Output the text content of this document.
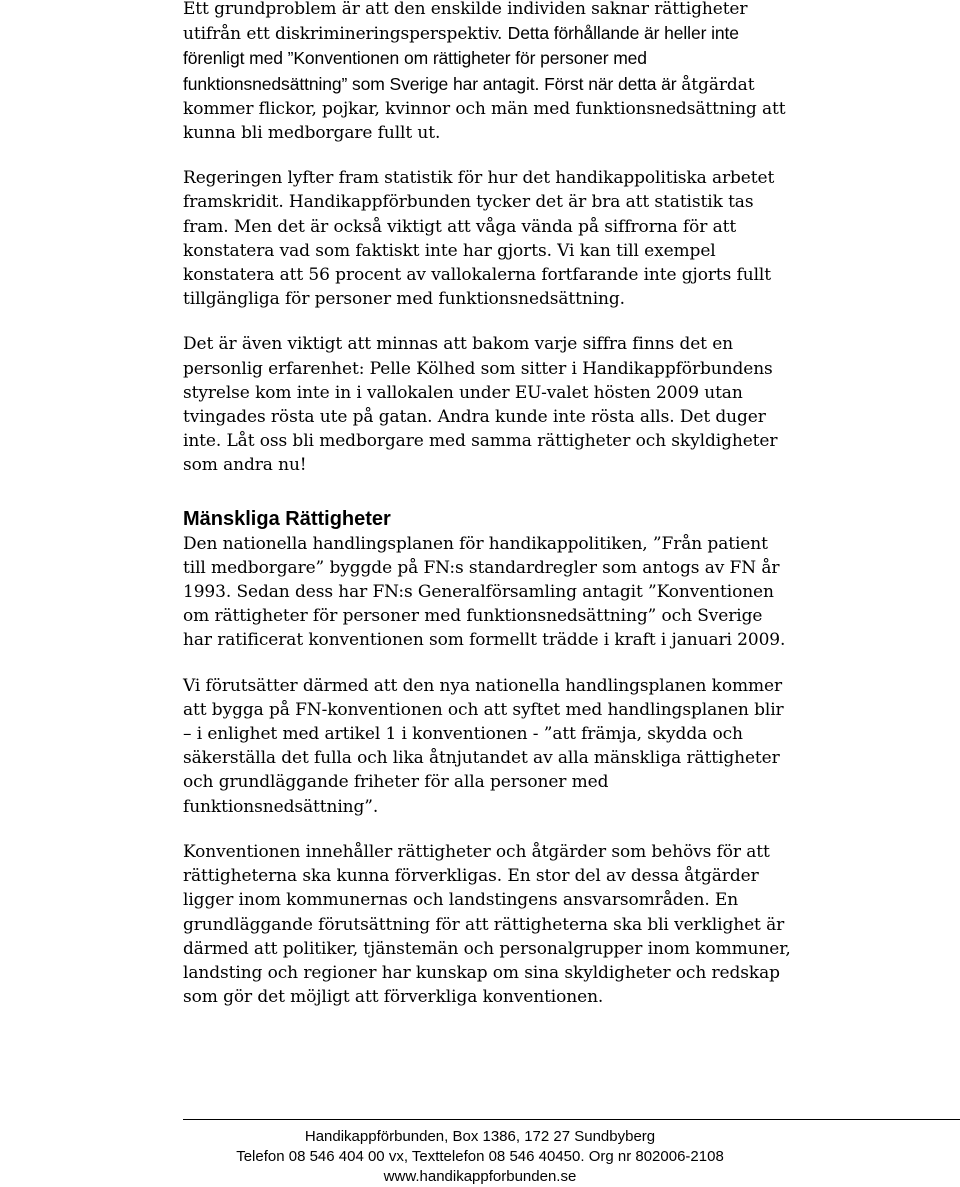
Ett grundproblem är att den enskilde individen saknar rättigheter utifrån ett diskrimineringsperspektiv. Detta förhållande är heller inte förenligt med ”Konventionen om rättigheter för personer med funktionsnedsättning” som Sverige har antagit. Först när detta är åtgärdat kommer flickor, pojkar, kvinnor och män med funktionsnedsättning att kunna bli medborgare fullt ut.

Regeringen lyfter fram statistik för hur det handikappolitiska arbetet framskridit. Handikappförbunden tycker det är bra att statistik tas fram. Men det är också viktigt att våga vända på siffrorna för att konstatera vad som faktiskt inte har gjorts. Vi kan till exempel konstatera att 56 procent av vallokalerna fortfarande inte gjorts fullt tillgängliga för personer med funktionsnedsättning.

Det är även viktigt att minnas att bakom varje siffra finns det en personlig erfarenhet: Pelle Kölhed som sitter i Handikappförbundens styrelse kom inte in i vallokalen under EU-valet hösten 2009 utan tvingades rösta ute på gatan. Andra kunde inte rösta alls. Det duger inte. Låt oss bli medborgare med samma rättigheter och skyldigheter som andra nu!

Mänskliga Rättigheter

Den nationella handlingsplanen för handikappolitiken, ”Från patient till medborgare” byggde på FN:s standardregler som antogs av FN år 1993. Sedan dess har FN:s Generalförsamling antagit ”Konventionen om rättigheter för personer med funktionsnedsättning” och Sverige har ratificerat konventionen som formellt trädde i kraft i januari 2009.

Vi förutsätter därmed att den nya nationella handlingsplanen kommer att bygga på FN-konventionen och att syftet med handlingsplanen blir – i enlighet med artikel 1 i konventionen - ”att främja, skydda och säkerställa det fulla och lika åtnjutandet av alla mänskliga rättigheter och grundläggande friheter för alla personer med funktionsnedsättning”.

Konventionen innehåller rättigheter och åtgärder som behövs för att rättigheterna ska kunna förverkligas. En stor del av dessa åtgärder ligger inom kommunernas och landstingens ansvarsområden. En grundläggande förutsättning för att rättigheterna ska bli verklighet är därmed att politiker, tjänstemän och personalgrupper inom kommuner, landsting och regioner har kunskap om sina skyldigheter och redskap som gör det möjligt att förverkliga konventionen.

Handikappförbunden, Box 1386, 172 27 Sundbyberg
Telefon 08 546 404 00 vx, Texttelefon 08 546 40450. Org nr 802006-2108
www.handikappforbunden.se
